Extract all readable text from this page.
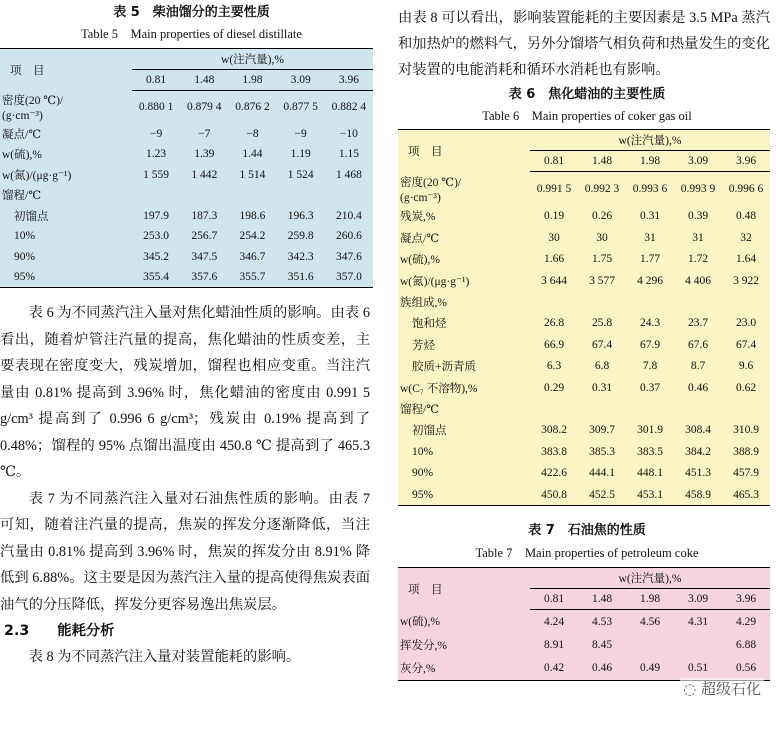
表 5　柴油馏分的主要性质
Table 5　Main properties of diesel distillate
项　目	w(注汽量),%				
	0.81	1.48	1.98	3.09	3.96

密度(20 ℃)/
(g·cm⁻³)	0.880 1	0.879 4	0.876 2	0.877 5	0.882 4

凝点/℃	−9	−7	−8	−9	−10

w(硫),%	1.23	1.39	1.44	1.19	1.15

w(氮)/(μg·g⁻¹)	1 559	1 442	1 514	1 524	1 468

馏程/℃					

初馏点	197.9	187.3	198.6	196.3	210.4

10%	253.0	256.7	254.2	259.8	260.6

90%	345.2	347.5	346.7	342.3	347.6

95%	355.4	357.6	355.7	351.6	357.0

表 6 为不同蒸汽注入量对焦化蜡油性质的影响。由表 6 看出，随着炉管注汽量的提高，焦化蜡油的性质变差，主要表现在密度变大，残炭增加，馏程也相应变重。当注汽量由 0.81% 提高到 3.96% 时，焦化蜡油的密度由 0.991 5 g/cm³ 提高到了 0.996 6 g/cm³；残炭由 0.19% 提高到了 0.48%；馏程的 95% 点馏出温度由 450.8 ℃ 提高到了 465.3 ℃。

表 7 为不同蒸汽注入量对石油焦性质的影响。由表 7 可知，随着注汽量的提高，焦炭的挥发分逐渐降低，当注汽量由 0.81% 提高到 3.96% 时，焦炭的挥发分由 8.91% 降低到 6.88%。这主要是因为蒸汽注入量的提高使得焦炭表面油气的分压降低，挥发分更容易逸出焦炭层。

2.3 能耗分析

表 8 为不同蒸汽注入量对装置能耗的影响。

由表 8 可以看出，影响装置能耗的主要因素是 3.5 MPa 蒸汽和加热炉的燃料气，另外分馏塔气相负荷和热量发生的变化对装置的电能消耗和循环水消耗也有影响。

表 6　焦化蜡油的主要性质
Table 6　Main properties of coker gas oil
项　目	w(注汽量),%				
	0.81	1.48	1.98	3.09	3.96

密度(20 ℃)/
(g·cm⁻³)	0.991 5	0.992 3	0.993 6	0.993 9	0.996 6

残炭,%	0.19	0.26	0.31	0.39	0.48

凝点/℃	30	30	31	31	32

w(硫),%	1.66	1.75	1.77	1.72	1.64

w(氮)/(μg·g⁻¹)	3 644	3 577	4 296	4 406	3 922

族组成,%					

饱和烃	26.8	25.8	24.3	23.7	23.0

芳烃	66.9	67.4	67.9	67.6	67.4

胶质+沥青质	6.3	6.8	7.8	8.7	9.6

w(C₇ 不溶物),%	0.29	0.31	0.37	0.46	0.62

馏程/℃					

初馏点	308.2	309.7	301.9	308.4	310.9

10%	383.8	385.3	383.5	384.2	388.9

90%	422.6	444.1	448.1	451.3	457.9

95%	450.8	452.5	453.1	458.9	465.3
表 7　石油焦的性质
Table 7　Main properties of petroleum coke
项　目	w(注汽量),%				
	0.81	1.48	1.98	3.09	3.96

w(硫),%	4.24	4.53	4.56	4.31	4.29

挥发分,%	8.91	8.45			6.88

灰分,%	0.42	0.46	0.49	0.51	0.56
◌ 超级石化
